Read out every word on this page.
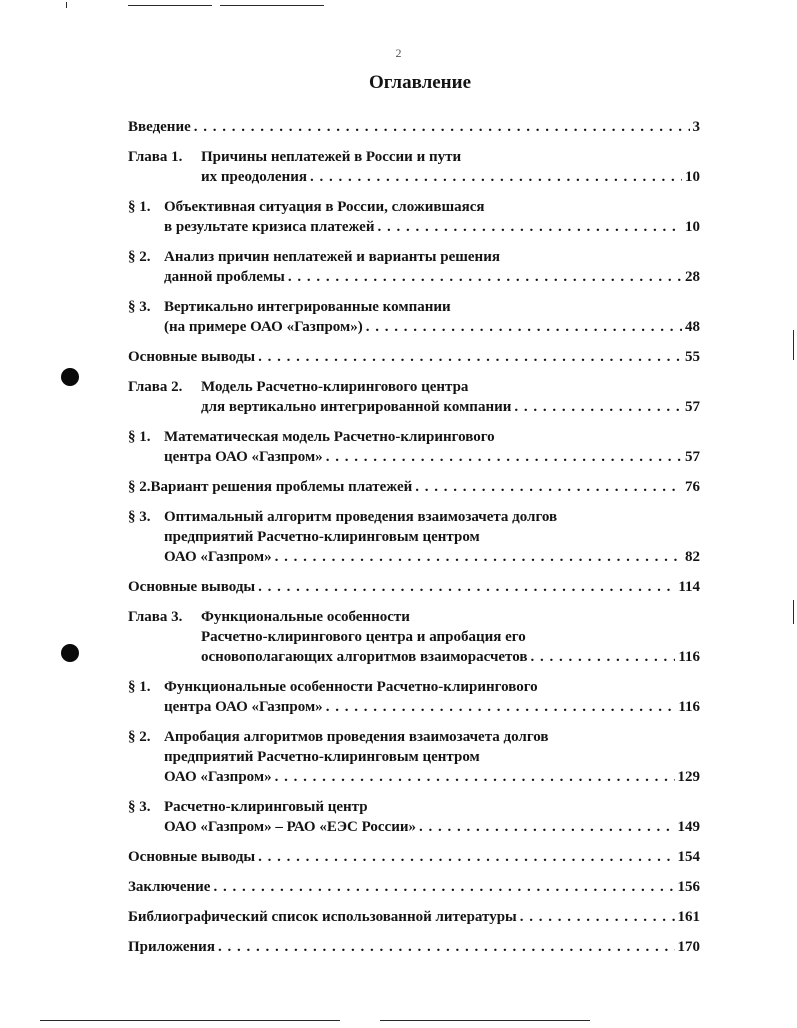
2
Оглавление
Введение . . .	3
Глава 1.	Причины неплатежей в России и пути
их преодоления . . .	10
§ 1. Объективная ситуация в России, сложившаяся
в результате кризиса платежей . . .	10
§ 2. Анализ причин неплатежей и варианты решения
данной проблемы . . .	28
§ 3. Вертикально интегрированные компании
(на примере ОАО «Газпром») . . .	48
Основные выводы . . .	55
Глава 2.	Модель Расчетно-клирингового центра
для вертикально интегрированной компании . . .	57
§ 1. Математическая модель Расчетно-клирингового
центра ОАО «Газпром» . . .	57
§ 2. Вариант решения проблемы платежей . . .	76
§ 3. Оптимальный алгоритм проведения взаимозачета долгов
предприятий Расчетно-клиринговым центром
ОАО «Газпром» . . .	82
Основные выводы . . .	114
Глава 3.	Функциональные особенности
Расчетно-клирингового центра и апробация его
основополагающих алгоритмов взаиморасчетов . . .	116
§ 1. Функциональные особенности Расчетно-клирингового
центра ОАО «Газпром» . . .	116
§ 2. Апробация алгоритмов проведения взаимозачета долгов
предприятий Расчетно-клиринговым центром
ОАО «Газпром» . . .	129
§ 3. Расчетно-клиринговый центр
ОАО «Газпром» – РАО «ЕЭС России» . . .	149
Основные выводы . . .	154
Заключение . . .	156
Библиографический список использованной литературы . . .	161
Приложения . . .	170
